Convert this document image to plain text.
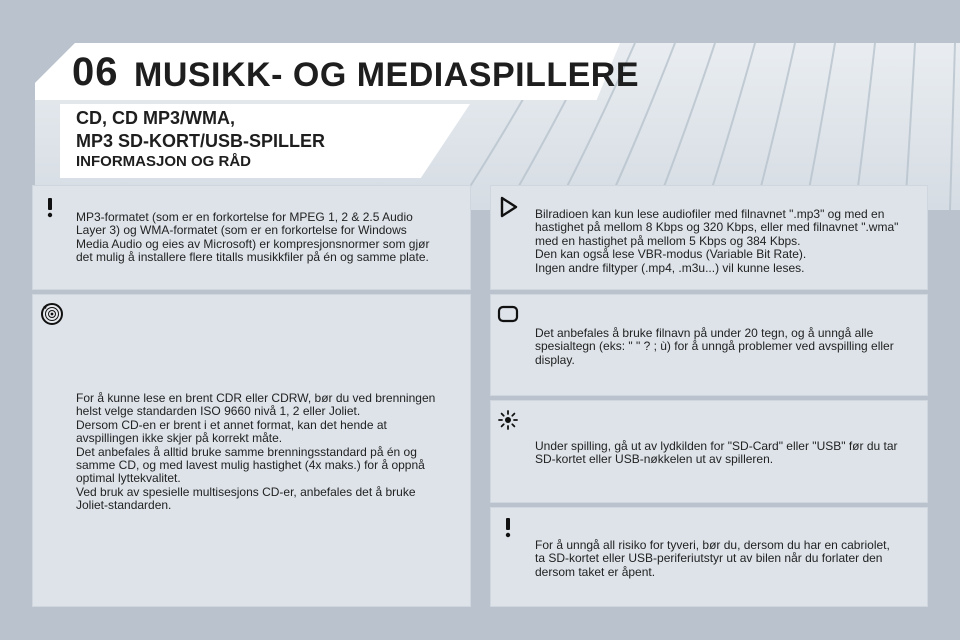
06 MUSIKK- OG MEDIASPILLERE
CD, CD MP3/WMA,
MP3 SD-KORT/USB-SPILLER
INFORMASJON OG RÅD
MP3-formatet (som er en forkortelse for MPEG 1, 2 & 2.5 Audio
Layer 3) og WMA-formatet (som er en forkortelse for Windows
Media Audio og eies av Microsoft) er kompresjonsnormer som gjør
det mulig å installere flere titalls musikkfiler på én og samme plate.
For å kunne lese en brent CDR eller CDRW, bør du ved brenningen
helst velge standarden ISO 9660 nivå 1, 2 eller Joliet.
Dersom CD-en er brent i et annet format, kan det hende at
avspillingen ikke skjer på korrekt måte.
Det anbefales å alltid bruke samme brenningsstandard på én og
samme CD, og med lavest mulig hastighet (4x maks.) for å oppnå
optimal lyttekvalitet.
Ved bruk av spesielle multisesjons CD-er, anbefales det å bruke
Joliet-standarden.
Bilradioen kan kun lese audiofiler med filnavnet ".mp3" og med en
hastighet på mellom 8 Kbps og 320 Kbps, eller med filnavnet ".wma"
med en hastighet på mellom 5 Kbps og 384 Kbps.
Den kan også lese VBR-modus (Variable Bit Rate).
Ingen andre filtyper (.mp4, .m3u...) vil kunne leses.
Det anbefales å bruke filnavn på under 20 tegn, og å unngå alle
spesialtegn (eks: " " ? ; ù) for å unngå problemer ved avspilling eller
display.
Under spilling, gå ut av lydkilden for "SD-Card" eller "USB" før du tar
SD-kortet eller USB-nøkkelen ut av spilleren.
For å unngå all risiko for tyveri, bør du, dersom du har en cabriolet,
ta SD-kortet eller USB-periferiutstyr ut av bilen når du forlater den
dersom taket er åpent.
